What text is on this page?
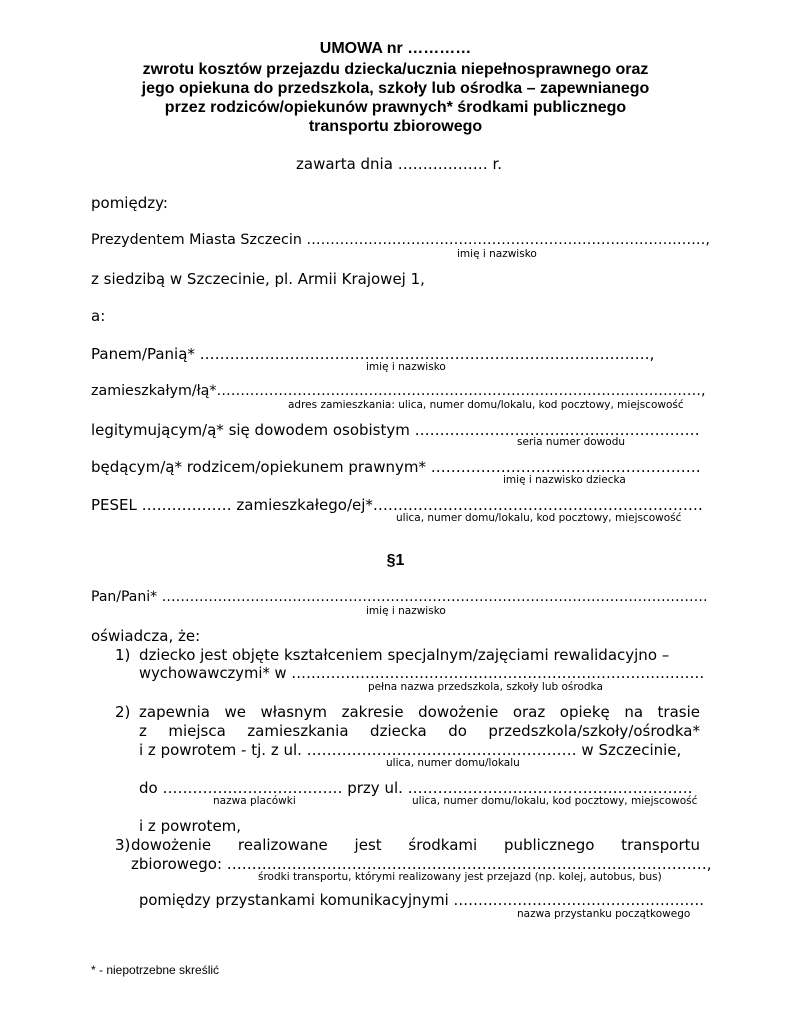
UMOWA nr …………
zwrotu kosztów przejazdu dziecka/ucznia niepełnosprawnego oraz
jego opiekuna do przedszkola, szkoły lub ośrodka – zapewnianego
przez rodziców/opiekunów prawnych* środkami publicznego
transportu zbiorowego
zawarta dnia ……………… r.
pomiędzy:
Prezydentem Miasta Szczecin …………………………………………………………………………,
imię i nazwisko
z siedzibą w Szczecinie, pl. Armii Krajowej 1,
a:
Panem/Panią* ………………………………………………………………………………,
imię i nazwisko
zamieszkałym/łą*…………………………………………………………………………………………,
adres zamieszkania: ulica, numer domu/lokalu, kod pocztowy, miejscowość
legitymującym/ą* się dowodem osobistym …………………………………………………
seria numer dowodu
będącym/ą* rodzicem/opiekunem prawnym* ………………………………………………
imię i nazwisko dziecka
PESEL ……………… zamieszkałego/ej*…………………………………………………………
ulica, numer domu/lokalu, kod pocztowy, miejscowość
§1
Pan/Pani* ………………………………………………………………………………………………………
imię i nazwisko
oświadcza, że:
1) dziecko jest objęte kształceniem specjalnym/zajęciami rewalidacyjno –
wychowawczymi* w …………………………………………………………………………
pełna nazwa przedszkola, szkoły lub ośrodka
2) zapewnia we własnym zakresie dowożenie oraz opiekę na trasie
z miejsca zamieszkania dziecka do przedszkola/szkoły/ośrodka*
i z powrotem - tj. z ul. ……………………………………………… w Szczecinie,
ulica, numer domu/lokalu
do ……………………………… przy ul. …………………………………………………
nazwa placówki	ulica, numer domu/lokalu, kod pocztowy, miejscowość
i z powrotem,
3) dowożenie realizowane jest środkami publicznego transportu
zbiorowego: ……………………………………………………………………………………,
środki transportu, którymi realizowany jest przejazd (np. kolej, autobus, bus)
pomiędzy przystankami komunikacyjnymi ……………………………………………
nazwa przystanku początkowego
* - niepotrzebne skreślić
